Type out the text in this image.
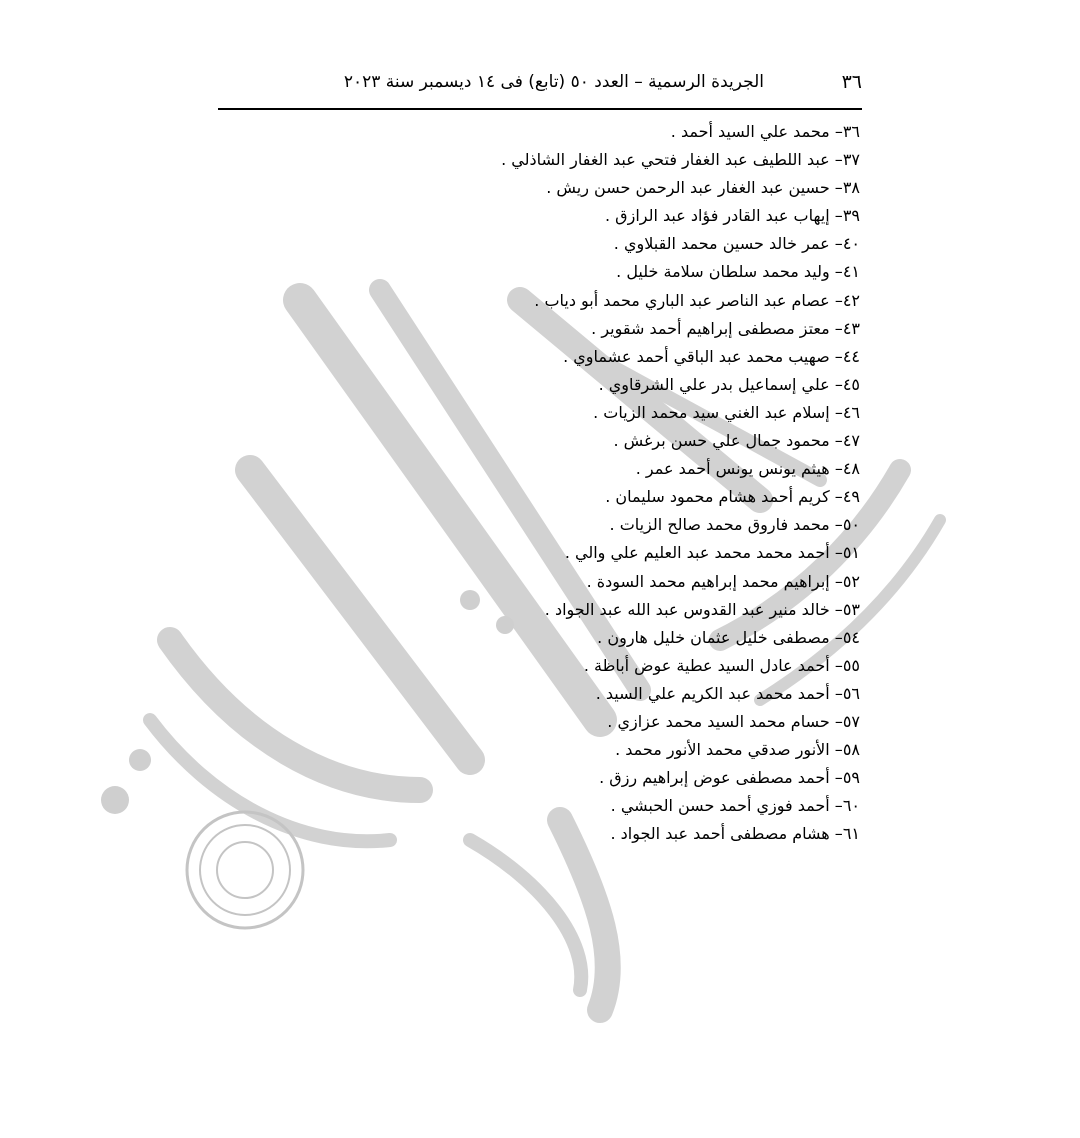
٣٦
الجريدة الرسمية – العدد ٥٠ (تابع) فى ١٤ ديسمبر سنة ٢٠٢٣
٣٦– محمد علي السيد أحمد .
٣٧– عبد اللطيف عبد الغفار فتحي عبد الغفار الشاذلي .
٣٨– حسين عبد الغفار عبد الرحمن حسن ريش .
٣٩– إيهاب عبد القادر فؤاد عبد الرازق .
٤٠– عمر خالد حسين محمد القبلاوي .
٤١– وليد محمد سلطان سلامة خليل .
٤٢– عصام عبد الناصر عبد الباري محمد أبو دياب .
٤٣– معتز مصطفى إبراهيم أحمد شقوير .
٤٤– صهيب محمد عبد الباقي أحمد عشماوي .
٤٥– علي إسماعيل بدر علي الشرقاوي .
٤٦– إسلام عبد الغني سيد محمد الزيات .
٤٧– محمود جمال علي حسن برغش .
٤٨– هيثم يونس يونس أحمد عمر .
٤٩– كريم أحمد هشام محمود سليمان .
٥٠– محمد فاروق محمد صالح الزيات .
٥١– أحمد محمد محمد عبد العليم علي والي .
٥٢– إبراهيم محمد إبراهيم محمد السودة .
٥٣– خالد منير عبد القدوس عبد الله عبد الجواد .
٥٤– مصطفى خليل عثمان خليل هارون .
٥٥– أحمد عادل السيد عطية عوض أباظة .
٥٦– أحمد محمد عبد الكريم علي السيد .
٥٧– حسام محمد السيد محمد عزازي .
٥٨– الأنور صدقي محمد الأنور محمد .
٥٩– أحمد مصطفى عوض إبراهيم رزق .
٦٠– أحمد فوزي أحمد حسن الحبشي .
٦١– هشام مصطفى أحمد عبد الجواد .
